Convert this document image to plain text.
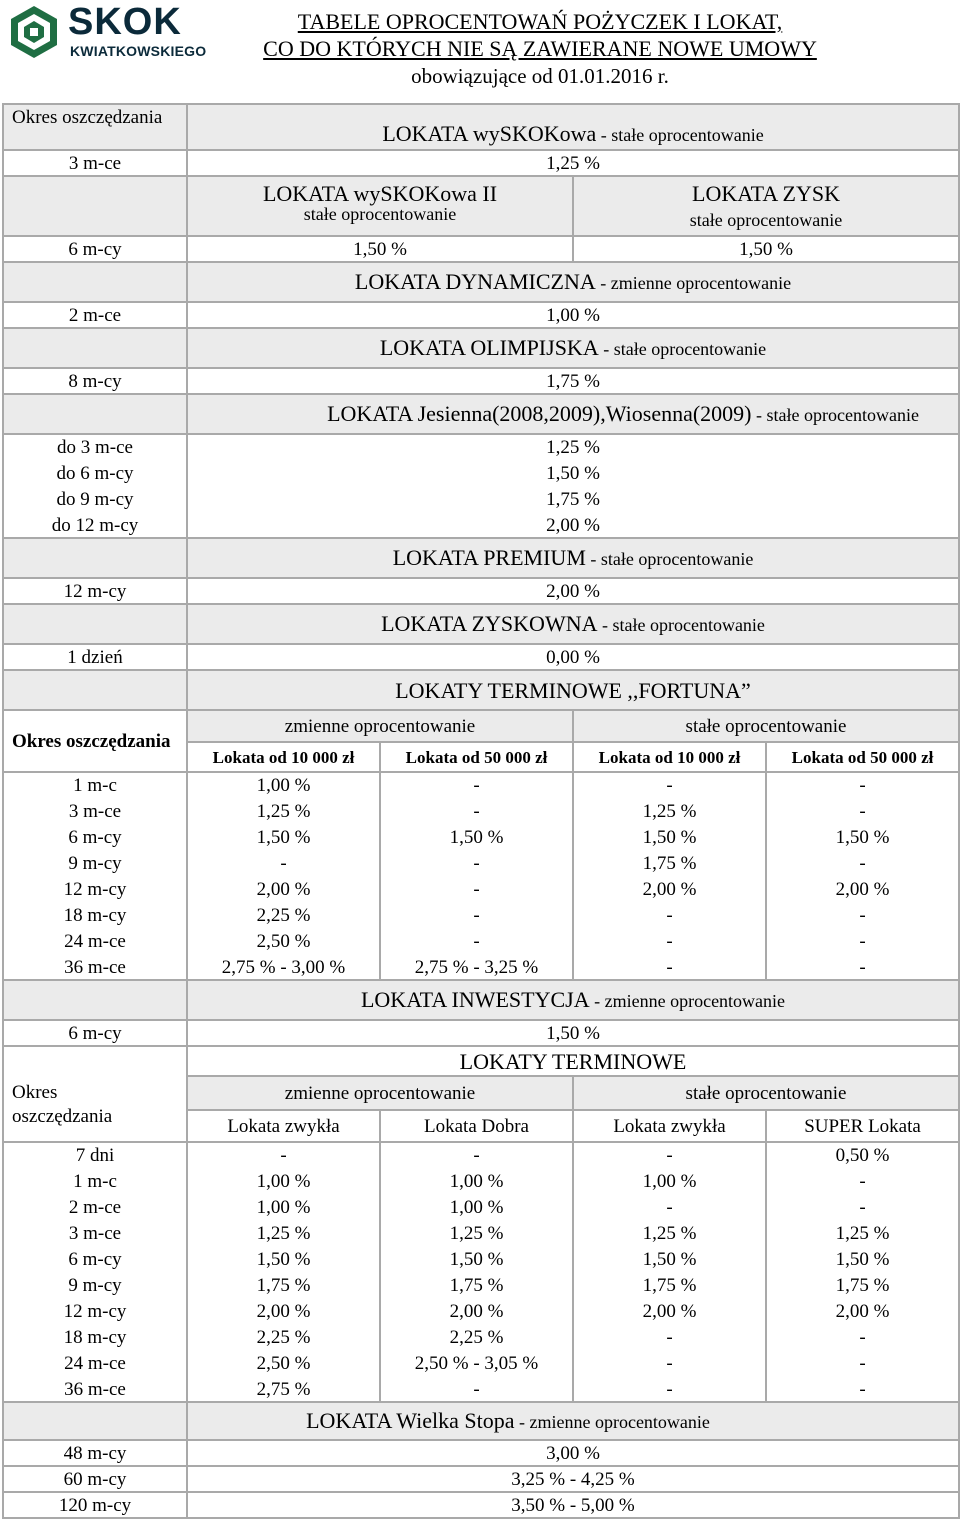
SKOK
KWIATKOWSKIEGO
TABELE OPROCENTOWAŃ POŻYCZEK I LOKAT,
CO DO KTÓRYCH NIE SĄ ZAWIERANE NOWE UMOWY
obowiązujące od 01.01.2016 r.
Okres oszczędzania	LOKATA wySKOKowa - stałe oprocentowanie			
3 m-ce	1,25 %			

	LOKATA wySKOKowa II
stałe oprocentowanie		LOKATA ZYSK
stałe oprocentowanie	

6 m-cy	1,50 %		1,50 %	
	LOKATA DYNAMICZNA - zmienne oprocentowanie			
2 m-ce	1,00 %			
	LOKATA OLIMPIJSKA - stałe oprocentowanie			
8 m-cy	1,75 %			
	LOKATA Jesienna(2008,2009),Wiosenna(2009) - stałe oprocentowanie			
do 3 m-ce	1,25 %			
do 6 m-cy	1,50 %			
do 9 m-cy	1,75 %			
do 12 m-cy	2,00 %			
	LOKATA PREMIUM - stałe oprocentowanie			
12 m-cy	2,00 %			
	LOKATA ZYSKOWNA - stałe oprocentowanie			
1 dzień	0,00 %			
	LOKATY TERMINOWE ,,FORTUNA”			
Okres oszczędzania	zmienne oprocentowanie		stałe oprocentowanie	
	Lokata od 10 000 zł	Lokata od 50 000 zł	Lokata od 10 000 zł	Lokata od 50 000 zł
1 m-c	1,00 %	-	-	-
3 m-ce	1,25 %	-	1,25 %	-
6 m-cy	1,50 %	1,50 %	1,50 %	1,50 %
9 m-cy	-	-	1,75 %	-
12 m-cy	2,00 %	-	2,00 %	2,00 %
18 m-cy	2,25 %	-	-	-
24 m-ce	2,50 %	-	-	-
36 m-ce	2,75 % - 3,00 %	2,75 % - 3,25 %	-	-
	LOKATA INWESTYCJA - zmienne oprocentowanie			
6 m-cy	1,50 %			
	LOKATY TERMINOWE			

Okres
oszczędzania	zmienne oprocentowanie		stałe oprocentowanie	
	Lokata zwykła	Lokata Dobra	Lokata zwykła	SUPER Lokata
7 dni	-	-	-	0,50 %
1 m-c	1,00 %	1,00 %	1,00 %	-
2 m-ce	1,00 %	1,00 %	-	-
3 m-ce	1,25 %	1,25 %	1,25 %	1,25 %
6 m-cy	1,50 %	1,50 %	1,50 %	1,50 %
9 m-cy	1,75 %	1,75 %	1,75 %	1,75 %
12 m-cy	2,00 %	2,00 %	2,00 %	2,00 %
18 m-cy	2,25 %	2,25 %	-	-
24 m-ce	2,50 %	2,50 % - 3,05 %	-	-
36 m-ce	2,75 %	-	-	-
	LOKATA Wielka Stopa - zmienne oprocentowanie			
48 m-cy	3,00 %			
60 m-cy	3,25 % - 4,25 %			
120 m-cy	3,50 % - 5,00 %			
